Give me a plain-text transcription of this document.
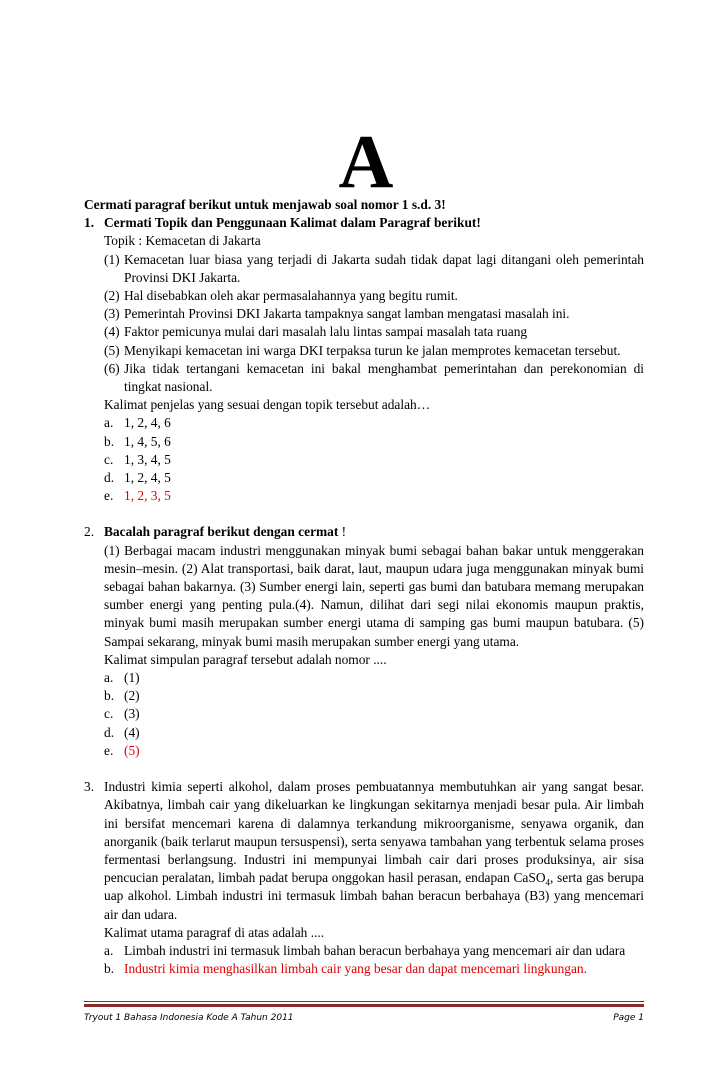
A
Cermati paragraf berikut untuk menjawab soal nomor 1 s.d. 3!
1. Cermati Topik dan Penggunaan Kalimat dalam Paragraf berikut!
Topik : Kemacetan di Jakarta
(1) Kemacetan luar biasa yang terjadi di Jakarta sudah tidak dapat lagi ditangani oleh pemerintah Provinsi DKI Jakarta.
(2) Hal disebabkan oleh akar permasalahannya yang begitu rumit.
(3) Pemerintah Provinsi DKI Jakarta tampaknya sangat lamban mengatasi masalah ini.
(4) Faktor pemicunya mulai dari masalah lalu lintas sampai masalah tata ruang
(5) Menyikapi kemacetan ini warga DKI terpaksa turun ke jalan memprotes kemacetan tersebut.
(6) Jika tidak tertangani kemacetan ini bakal menghambat pemerintahan dan perekonomian di tingkat nasional.
Kalimat penjelas yang sesuai dengan topik tersebut adalah…
a. 1, 2, 4, 6
b. 1, 4, 5, 6
c. 1, 3, 4, 5
d. 1, 2, 4, 5
e. 1, 2, 3, 5
2. Bacalah paragraf berikut dengan cermat !
(1) Berbagai macam industri menggunakan minyak bumi sebagai bahan bakar untuk menggerakan mesin–mesin. (2) Alat transportasi, baik darat, laut, maupun udara juga menggunakan minyak bumi sebagai bahan bakarnya. (3) Sumber energi lain, seperti gas bumi dan batubara memang merupakan sumber energi yang penting pula.(4). Namun, dilihat dari segi nilai ekonomis maupun praktis, minyak bumi masih merupakan sumber energi utama di samping gas bumi maupun batubara. (5) Sampai sekarang, minyak bumi masih merupakan sumber energi yang utama.
Kalimat simpulan paragraf tersebut adalah nomor ....
a. (1)
b. (2)
c. (3)
d. (4)
e. (5)
3. Industri kimia seperti alkohol, dalam proses pembuatannya membutuhkan air yang sangat besar. Akibatnya, limbah cair yang dikeluarkan ke lingkungan sekitarnya menjadi besar pula. Air limbah ini bersifat mencemari karena di dalamnya terkandung mikroorganisme, senyawa organik, dan anorganik (baik terlarut maupun tersuspensi), serta senyawa tambahan yang terbentuk selama proses fermentasi berlangsung. Industri ini mempunyai limbah cair dari proses produksinya, air sisa pencucian peralatan, limbah padat berupa onggokan hasil perasan, endapan CaSO$_4$, serta gas berupa uap alkohol. Limbah industri ini termasuk limbah bahan beracun berbahaya (B3) yang mencemari air dan udara.
Kalimat utama paragraf di atas adalah ....
a. Limbah industri ini termasuk limbah bahan beracun berbahaya yang mencemari air dan udara
b. Industri kimia menghasilkan limbah cair yang besar dan dapat mencemari lingkungan.
Tryout 1 Bahasa Indonesia Kode A Tahun 2011	Page 1
